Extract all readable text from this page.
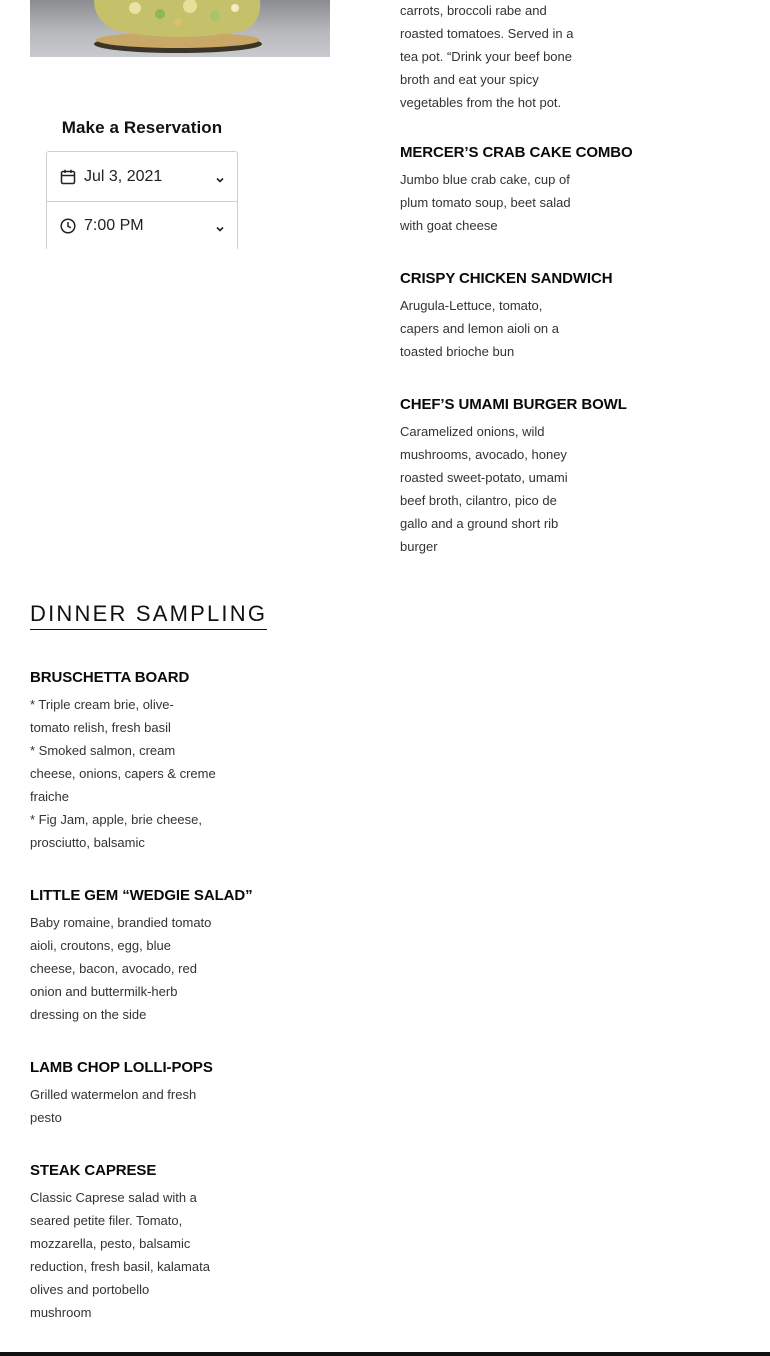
Make a Reservation
Jul 3, 2021
7:00 PM
carrots, broccoli rabe and
roasted tomatoes. Served in a
tea pot. “Drink your beef bone
broth and eat your spicy
vegetables from the hot pot.
MERCER’S CRAB CAKE COMBO
Jumbo blue crab cake, cup of
plum tomato soup, beet salad
with goat cheese
CRISPY CHICKEN SANDWICH
Arugula-Lettuce, tomato,
capers and lemon aioli on a
toasted brioche bun
CHEF’S UMAMI BURGER BOWL
Caramelized onions, wild
mushrooms, avocado, honey
roasted sweet-potato, umami
beef broth, cilantro, pico de
gallo and a ground short rib
burger
DINNER SAMPLING
BRUSCHETTA BOARD
* Triple cream brie, olive-
tomato relish, fresh basil
* Smoked salmon, cream
cheese, onions, capers & creme
fraiche
* Fig Jam, apple, brie cheese,
prosciutto, balsamic
LITTLE GEM “WEDGIE SALAD”
Baby romaine, brandied tomato
aioli, croutons, egg, blue
cheese, bacon, avocado, red
onion and buttermilk-herb
dressing on the side
LAMB CHOP LOLLI-POPS
Grilled watermelon and fresh
pesto
STEAK CAPRESE
Classic Caprese salad with a
seared petite filer. Tomato,
mozzarella, pesto, balsamic
reduction, fresh basil, kalamata
olives and portobello
mushroom
